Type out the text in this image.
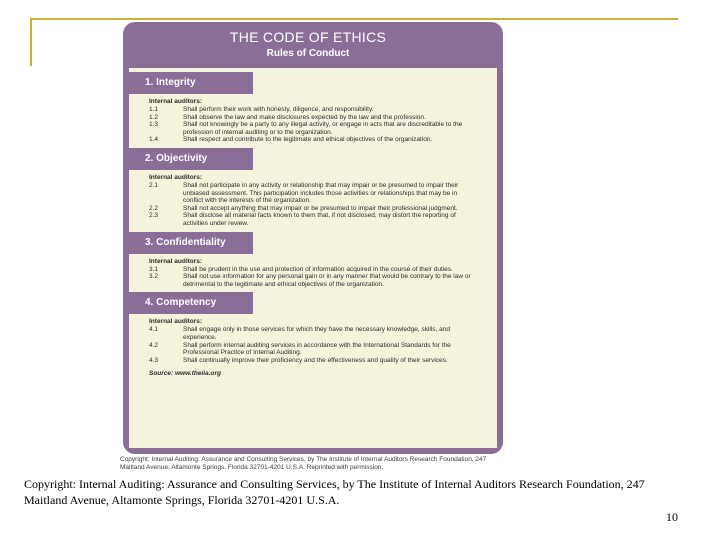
THE CODE OF ETHICS
Rules of Conduct
1. Integrity
Internal auditors:
1.1	Shall perform their work with honesty, diligence, and responsibility.
1.2	Shall observe the law and make disclosures expected by the law and the profession.
1.3	Shall not knowingly be a party to any illegal activity, or engage in acts that are discreditable to the profession of internal auditing or to the organization.
1.4	Shall respect and contribute to the legitimate and ethical objectives of the organization.
2. Objectivity
Internal auditors:
2.1	Shall not participate in any activity or relationship that may impair or be presumed to impair their unbiased assessment. This participation includes those activities or relationships that may be in conflict with the interests of the organization.
2.2	Shall not accept anything that may impair or be presumed to impair their professional judgment.
2.3	Shall disclose all material facts known to them that, if not disclosed, may distort the reporting of activities under review.
3. Confidentiality
Internal auditors:
3.1	Shall be prudent in the use and protection of information acquired in the course of their duties.
3.2	Shall not use information for any personal gain or in any manner that would be contrary to the law or detrimental to the legitimate and ethical objectives of the organization.
4. Competency
Internal auditors:
4.1	Shall engage only in those services for which they have the necessary knowledge, skills, and experience.
4.2	Shall perform internal auditing services in accordance with the International Standards for the Professional Practice of Internal Auditing.
4.3	Shall continually improve their proficiency and the effectiveness and quality of their services.
Source: www.theiia.org
Copyright: Internal Auditing: Assurance and Consulting Services, by The Institute of Internal Auditors Research Foundation, 247 Maitland Avenue, Altamonte Springs, Florida 32701-4201 U.S.A. Reprinted with permission.
Copyright: Internal Auditing: Assurance and Consulting Services, by The Institute of Internal Auditors Research Foundation, 247 Maitland Avenue, Altamonte Springs, Florida 32701-4201 U.S.A.
10
